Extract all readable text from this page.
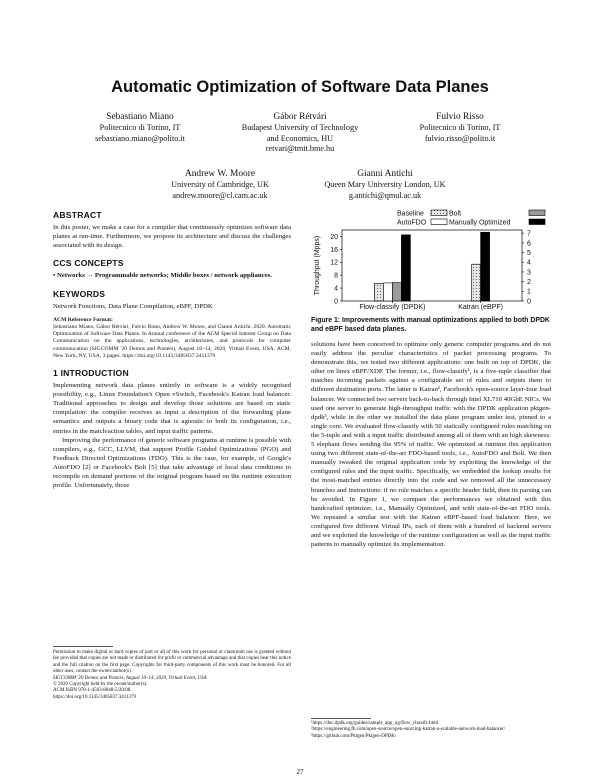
Automatic Optimization of Software Data Planes
Sebastiano Miano
Politecnico di Torino, IT
sebastiano.miano@polito.it
Gábor Rétvári
Budapest University of Technology
and Economics, HU
retvari@tmit.bme.hu
Fulvio Risso
Politecnico di Torino, IT
fulvio.risso@polito.it
Andrew W. Moore
University of Cambridge, UK
andrew.moore@cl.cam.ac.uk
Gianni Antichi
Queen Mary University London, UK
g.antichi@qmul.ac.uk
ABSTRACT

In this poster, we make a case for a compiler that continuously optimizes software data planes at run-time. Furthermore, we propose its architecture and discuss the challenges associated with its design.

CCS CONCEPTS

• Networks → Programmable networks; Middle boxes / network appliances.

KEYWORDS

Network Functions, Data Plane Compilation, eBPF, DPDK

ACM Reference Format:
Sebastiano Miano, Gábor Rétvári, Fulvio Risso, Andrew W. Moore, and Gianni Antichi. 2020. Automatic Optimization of Software Data Planes. In Annual conference of the ACM Special Interest Group on Data Communication on the applications, technologies, architectures, and protocols for computer communication (SIGCOMM '20 Demos and Posters), August 10–14, 2020, Virtual Event, USA. ACM, New York, NY, USA, 3 pages. https://doi.org/10.1145/3405837.3411379
1 INTRODUCTION

Implementing network data planes entirely in software is a widely recognised possibility, e.g., Linux Foundation's Open vSwitch, Facebook's Katran load balancer. Traditional approaches to design and develop those solutions are based on static compilation: the compiler receives as input a description of the forwarding plane semantics and outputs a binary code that is agnostic to both its configuration, i.e., entries in the match/action tables, and input traffic patterns.

Improving the performance of generic software programs at runtime is possible with compilers, e.g., GCC, LLVM, that support Profile Guided Optimizations (PGO) and Feedback Directed Optimizations (FDO). This is the case, for example, of Google's AutoFDO [2] or Facebook's Bolt [5] that take advantage of local data conditions to recompile on demand portions of the original program based on the runtime execution profile. Unfortunately, those

Permission to make digital or hard copies of part or all of this work for personal or classroom use is granted without fee provided that copies are not made or distributed for profit or commercial advantage and that copies bear this notice and the full citation on the first page. Copyrights for third-party components of this work must be honored. For all other uses, contact the owner/author(s).
SIGCOMM '20 Demos and Posters, August 10–14, 2020, Virtual Event, USA
© 2020 Copyright held by the owner/author(s).
ACM ISBN 978-1-4503-8048-5/20/08.
https://doi.org/10.1145/3405837.3411379
Baseline
AutoFDO
Bolt
Manually Optimized
Throughput (Mpps)
0
4
8
12
16
20
0
1
2
3
4
5
6
7
Flow-classify (DPDK)	Katran (eBPF)
Figure 1: Improvements with manual optimizations applied to both DPDK and eBPF based data planes.

solutions have been conceived to optimize only generic computer programs and do not easily address the peculiar characteristics of packet processing programs. To demonstrate this, we tested two different applications: one built on top of DPDK, the other on linux eBPF/XDP. The former, i.e., flow-classify¹, is a five-tuple classifier that matches incoming packets against a configurable set of rules and outputs them to different destination ports. The latter is Katran², Facebook's open-source layer-four load balancer. We connected two servers back-to-back through Intel XL710 40GbE NICs. We used one server to generate high-throughput traffic with the DPDK application pktgen-dpdk³, while in the other we installed the data plane program under test, pinned to a single core. We evaluated flow-classify with 50 statically configured rules matching on the 5-tuple and with a input traffic distributed among all of them with an high skewness: 5 elephant flows sending the 95% of traffic. We optimized at runtime this application using two different state-of-the-art FDO-based tools, i.e., AutoFDO and Bolt. We then manually tweaked the original application code by exploiting the knowledge of the configured rules and the input traffic. Specifically, we embedded the lookup results for the most-matched entries directly into the code and we removed all the unnecessary branches and instructions: if no rule matches a specific header field, then its parsing can be avoided. In Figure 1, we compare the performances we obtained with this handcrafted optimizer, i.e., Manually Optimized, and with state-of-the-art FDO tools. We repeated a similar test with the Katran eBPF-based load balancer. Here, we configured five different Virtual IPs, each of them with a hundred of backend servers and we exploited the knowledge of the runtime configuration as well as the input traffic patterns to manually optimize its implementation.

¹https://doc.dpdk.org/guides/sample_app_ug/flow_classify.html
²https://engineering.fb.com/open-source/open-sourcing-katran-a-scalable-network-load-balancer/
³https://github.com/Pktgen/Pktgen-DPDK/
27
